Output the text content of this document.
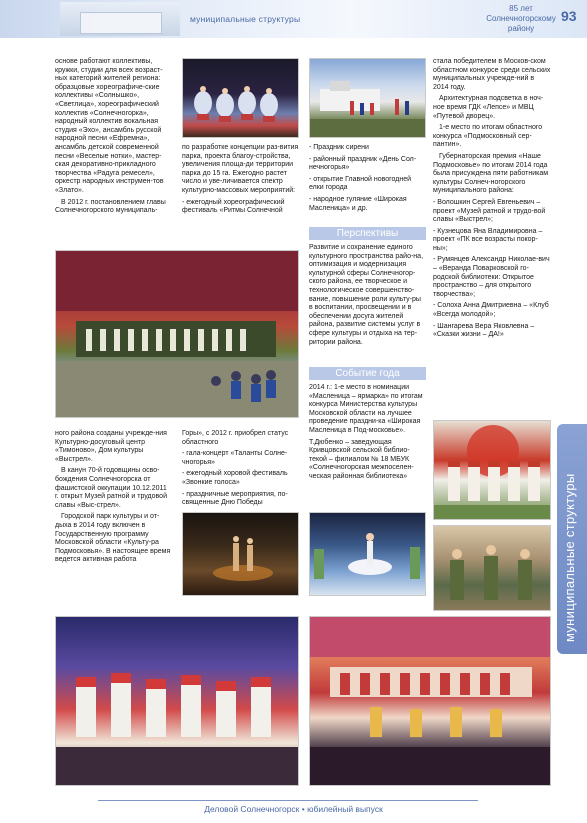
муниципальные структуры
85 лет
Солнечногорскому району
93

основе работают коллективы, кружки, студии для всех возраст-ных категорий жителей региона: образцовые хореографиче-ские коллективы «Солнышко», «Светлица», хореографический коллектив «Солнечногорка», народный коллектив вокальная студия «Эхо», ансамбль русской народной песни «Ефремна», ансамбль детской современной песни «Веселые нотки», мастер-ская декоративно-прикладного творчества «Радуга ремесел», оркестр народных инструмен-тов «Злато».

В 2012 г. постановлением главы Солнечногорского муниципаль-

по разработке концепции раз-вития парка, проекта благоу-стройства, увеличения площа-ди территории парка до 15 га. Ежегодно растет число и уве-личивается спектр культурно-массовых мероприятий:

- ежегодный хореографический фестиваль «Ритмы Солнечной

- Праздник сирени

- районный праздник «День Сол-нечногорья»

- открытие Главной новогодней елки города

- народное гуляние «Широкая Масленица» и др.

Перспективы

Развитие и сохранение единого культурного пространства райо-на, оптимизация и модернизация культурной сферы Солнечногор-ского района, ее творческое и технологическое совершенство-вание, повышение роли культу-ры в воспитании, просвещении и в обеспечении досуга жителей района, развитие системы услуг в сфере культуры и отдыха на тер-ритории района.

Событие года

2014 г.: 1-е место в номинации «Масленица – ярмарка» по итогам конкурса Министерства культуры Московской области на лучшее проведение праздни-ка «Широкая Масленица в Под-московье».

Т.Дюбенко – заведующая Кривцовской сельской библио-текой – филиалом № 18 МБУК «Солнечногорская межпоселен-ческая районная библиотека»

стала победителем в Москов-ском областном конкурсе среди сельских муниципальных учрежде-ний в 2014 году.

Архитектурная подсветка в ноч-ное время ГДК «Лепсе» и МВЦ «Путевой дворец».

1-е место по итогам областного конкурса «Подмосковный сер-пантин».

Губернаторская премия «Наше Подмосковье» по итогам 2014 года была присуждена пяти работникам культуры Солнеч-ногорского муниципального района:

- Волошкин Сергей Евгеньевич – проект «Музей ратной и трудо-вой славы «Выстрел»;

- Кузнецова Яна Владимировна – проект «ПК все возрасты покор-ны»;

- Румянцев Александр Николае-вич – «Веранда Поварковской го-родской библиотеки: Открытое пространство – для открытого творчества»;

- Солоха Анна Дмитриевна – «Клуб «Всегда молодой»;

- Шангарева Вера Яковлевна – «Сказки жизни – ДА!»

муниципальные структуры

ного района созданы учрежде-ния Культурно-досуговый центр «Тимоново», Дом культуры «Выстрел».

В канун 70-й годовщины осво-бождения Солнечногорска от фашистской оккупации 10.12.2011 г. открыт Музей ратной и трудовой славы «Выс-стрел».

Городской парк культуры и от-дыха в 2014 году включен в Государственную программу Московской области «Культу-ра Подмосковья». В настоящее время ведется активная работа

Горы», с 2012 г. приобрел статус областного

- гала-концерт «Таланты Солне-чногорья»

- ежегодный хоровой фестиваль «Звонкие голоса»

- праздничные мероприятия, по-священные Дню Победы

Деловой Солнечногорск • юбилейный выпуск
